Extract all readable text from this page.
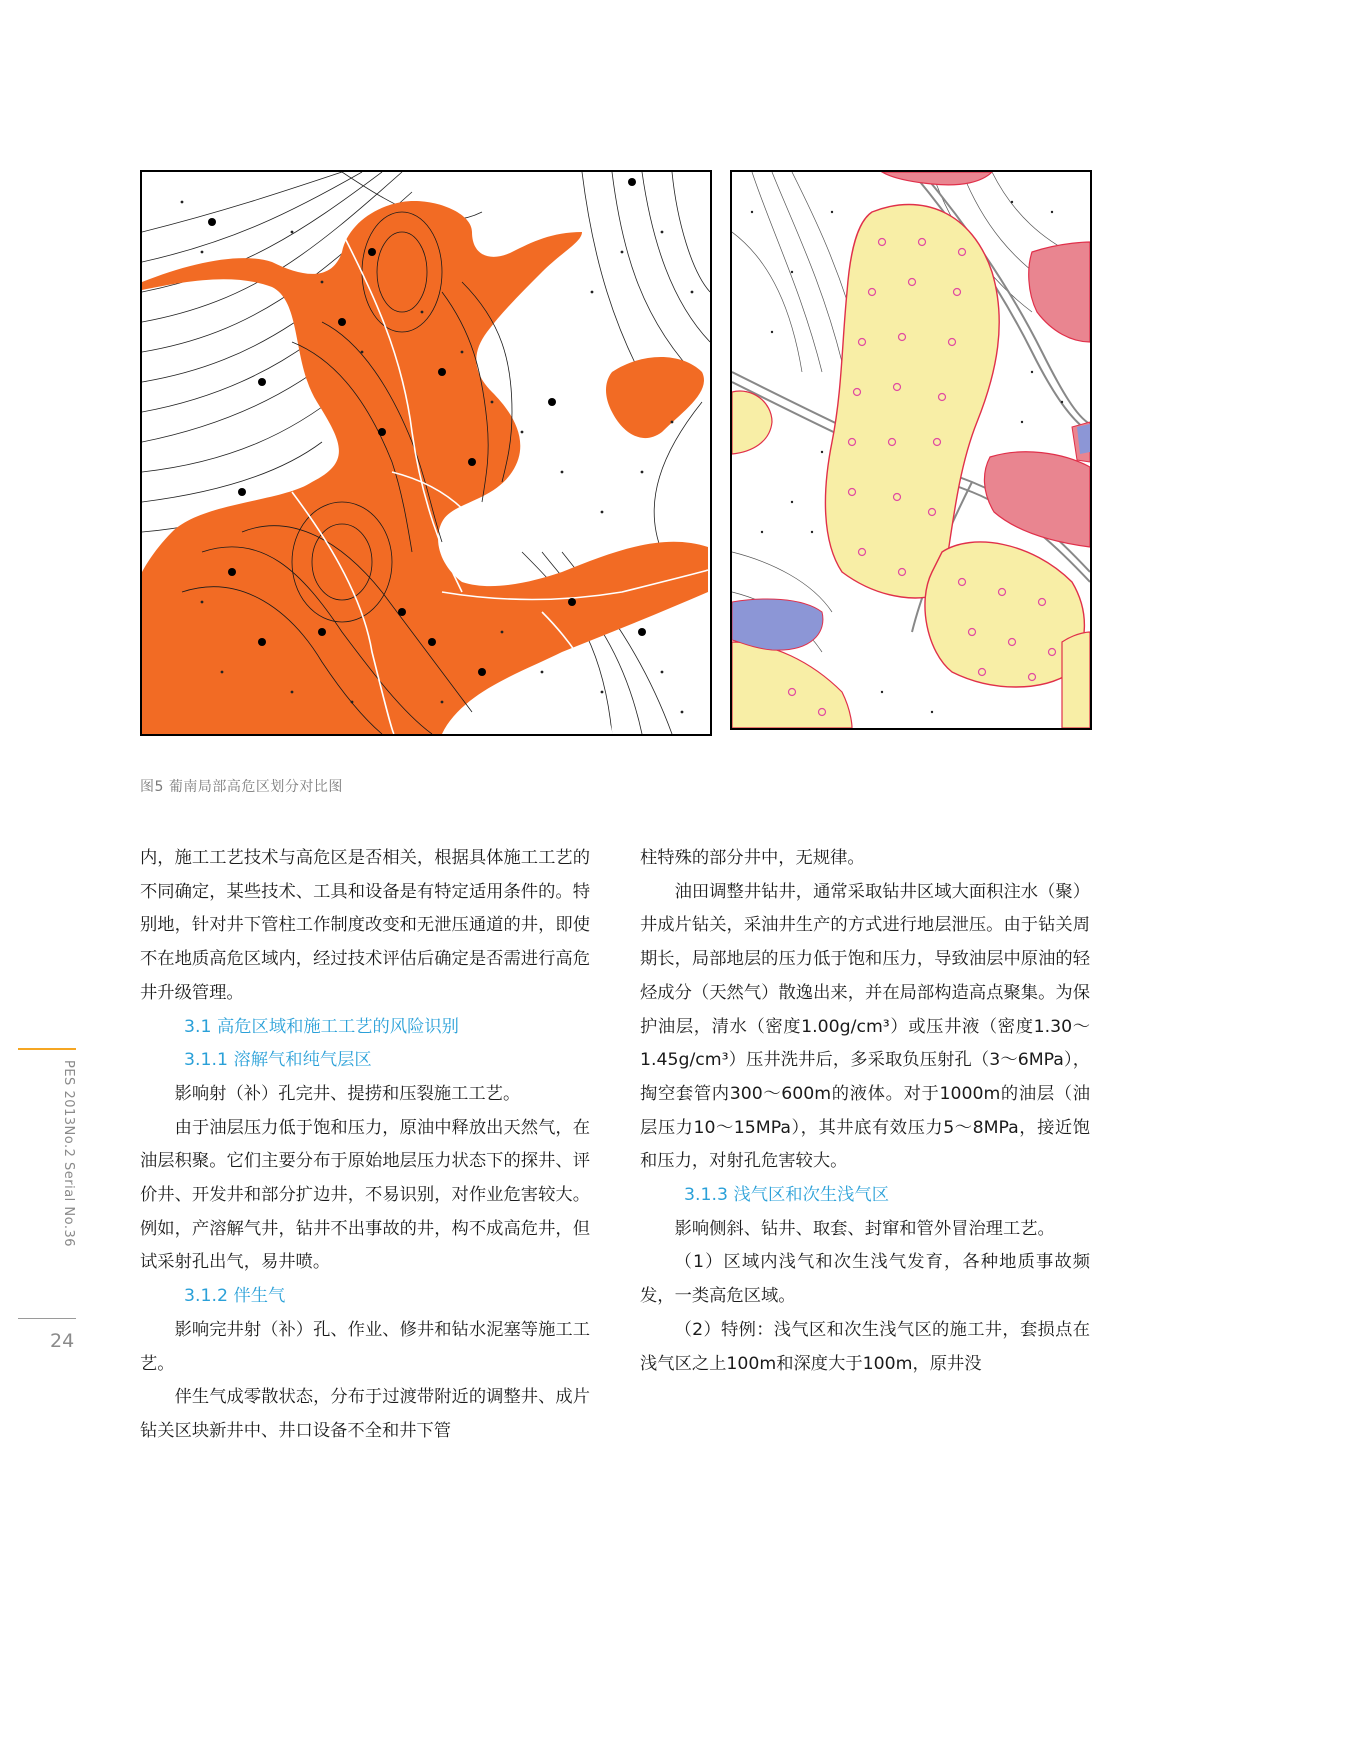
图5 葡南局部高危区划分对比图

内，施工工艺技术与高危区是否相关，根据具体施工工艺的不同确定，某些技术、工具和设备是有特定适用条件的。特别地，针对井下管柱工作制度改变和无泄压通道的井，即使不在地质高危区域内，经过技术评估后确定是否需进行高危井升级管理。

3.1 高危区域和施工工艺的风险识别
3.1.1 溶解气和纯气层区

影响射（补）孔完井、提捞和压裂施工工艺。

由于油层压力低于饱和压力，原油中释放出天然气，在油层积聚。它们主要分布于原始地层压力状态下的探井、评价井、开发井和部分扩边井，不易识别，对作业危害较大。例如，产溶解气井，钻井不出事故的井，构不成高危井，但试采射孔出气，易井喷。

3.1.2 伴生气

影响完井射（补）孔、作业、修井和钻水泥塞等施工工艺。

伴生气成零散状态，分布于过渡带附近的调整井、成片钻关区块新井中、井口设备不全和井下管

柱特殊的部分井中，无规律。

油田调整井钻井，通常采取钻井区域大面积注水（聚）井成片钻关，采油井生产的方式进行地层泄压。由于钻关周期长，局部地层的压力低于饱和压力，导致油层中原油的轻烃成分（天然气）散逸出来，并在局部构造高点聚集。为保护油层，清水（密度1.00g/cm³）或压井液（密度1.30～1.45g/cm³）压井洗井后，多采取负压射孔（3～6MPa），掏空套管内300～600m的液体。对于1000m的油层（油层压力10～15MPa），其井底有效压力5～8MPa，接近饱和压力，对射孔危害较大。

3.1.3 浅气区和次生浅气区

影响侧斜、钻井、取套、封窜和管外冒治理工艺。

（1）区域内浅气和次生浅气发育，各种地质事故频发，一类高危区域。

（2）特例：浅气区和次生浅气区的施工井，套损点在浅气区之上100m和深度大于100m，原井没

PES 2013No.2 Serial No.36
24
